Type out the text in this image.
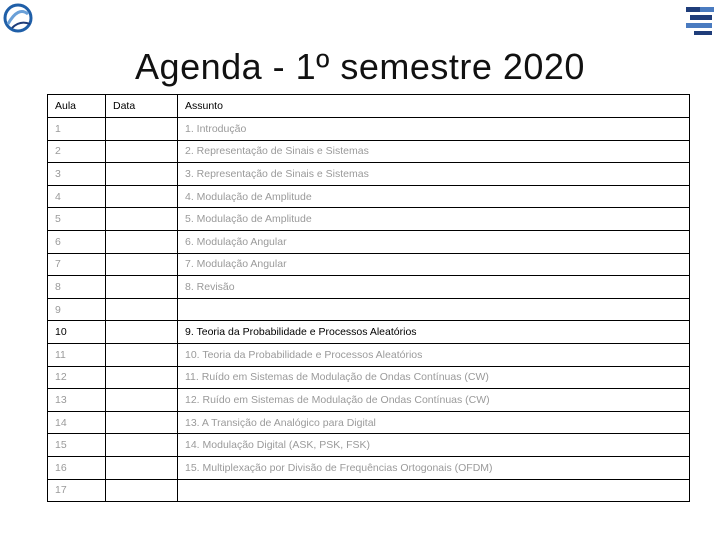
Agenda - 1º semestre 2020
Aula	Data	Assunto
1		1. Introdução
2		2. Representação de Sinais e Sistemas
3		3. Representação de Sinais e Sistemas
4		4. Modulação de Amplitude
5		5. Modulação de Amplitude
6		6. Modulação Angular
7		7. Modulação Angular
8		8. Revisão
9		
10		9. Teoria da Probabilidade e Processos Aleatórios
11		10. Teoria da Probabilidade e Processos Aleatórios
12		11. Ruído em Sistemas de Modulação de Ondas Contínuas (CW)
13		12. Ruído em Sistemas de Modulação de Ondas Contínuas (CW)
14		13. A Transição de Analógico para Digital
15		14. Modulação Digital (ASK, PSK, FSK)
16		15. Multiplexação por Divisão de Frequências Ortogonais (OFDM)
17		
